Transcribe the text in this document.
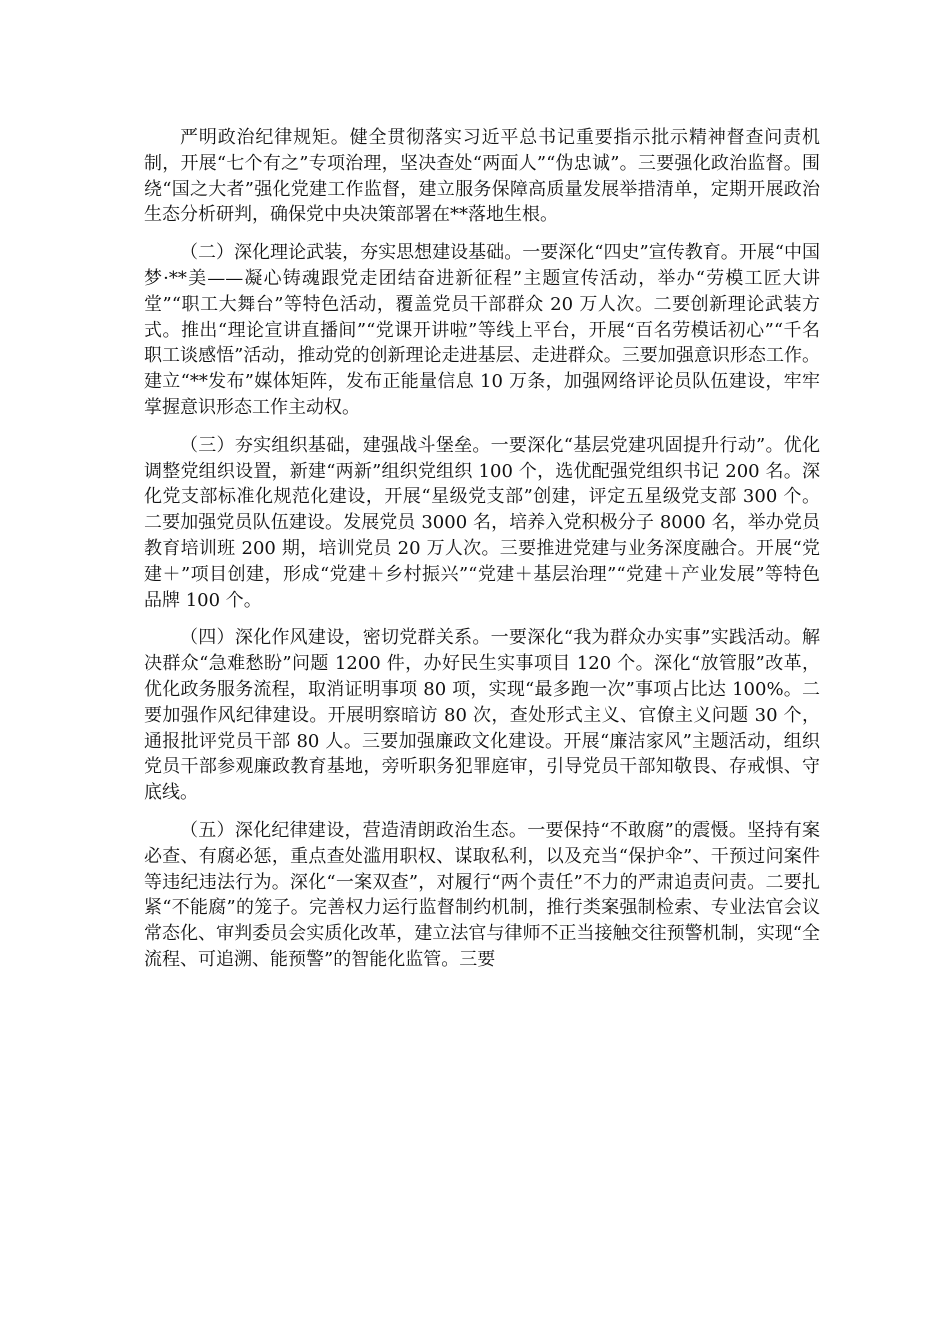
严明政治纪律规矩。健全贯彻落实习近平总书记重要指示批示精神督查问责机制，开展“七个有之”专项治理，坚决查处“两面人”“伪忠诚”。三要强化政治监督。围绕“国之大者”强化党建工作监督，建立服务保障高质量发展举措清单，定期开展政治生态分析研判，确保党中央决策部署在**落地生根。

（二）深化理论武装，夯实思想建设基础。一要深化“四史”宣传教育。开展“中国梦·**美——凝心铸魂跟党走团结奋进新征程”主题宣传活动，举办“劳模工匠大讲堂”“职工大舞台”等特色活动，覆盖党员干部群众 20 万人次。二要创新理论武装方式。推出“理论宣讲直播间”“党课开讲啦”等线上平台，开展“百名劳模话初心”“千名职工谈感悟”活动，推动党的创新理论走进基层、走进群众。三要加强意识形态工作。建立“**发布”媒体矩阵，发布正能量信息 10 万条，加强网络评论员队伍建设，牢牢掌握意识形态工作主动权。

（三）夯实组织基础，建强战斗堡垒。一要深化“基层党建巩固提升行动”。优化调整党组织设置，新建“两新”组织党组织 100 个，选优配强党组织书记 200 名。深化党支部标准化规范化建设，开展“星级党支部”创建，评定五星级党支部 300 个。二要加强党员队伍建设。发展党员 3000 名，培养入党积极分子 8000 名，举办党员教育培训班 200 期，培训党员 20 万人次。三要推进党建与业务深度融合。开展“党建＋”项目创建，形成“党建＋乡村振兴”“党建＋基层治理”“党建＋产业发展”等特色品牌 100 个。

（四）深化作风建设，密切党群关系。一要深化“我为群众办实事”实践活动。解决群众“急难愁盼”问题 1200 件，办好民生实事项目 120 个。深化“放管服”改革，优化政务服务流程，取消证明事项 80 项，实现“最多跑一次”事项占比达 100%。二要加强作风纪律建设。开展明察暗访 80 次，查处形式主义、官僚主义问题 30 个，通报批评党员干部 80 人。三要加强廉政文化建设。开展“廉洁家风”主题活动，组织党员干部参观廉政教育基地，旁听职务犯罪庭审，引导党员干部知敬畏、存戒惧、守底线。

（五）深化纪律建设，营造清朗政治生态。一要保持“不敢腐”的震慑。坚持有案必查、有腐必惩，重点查处滥用职权、谋取私利，以及充当“保护伞”、干预过问案件等违纪违法行为。深化“一案双查”，对履行“两个责任”不力的严肃追责问责。二要扎紧“不能腐”的笼子。完善权力运行监督制约机制，推行类案强制检索、专业法官会议常态化、审判委员会实质化改革，建立法官与律师不正当接触交往预警机制，实现“全流程、可追溯、能预警”的智能化监管。三要
